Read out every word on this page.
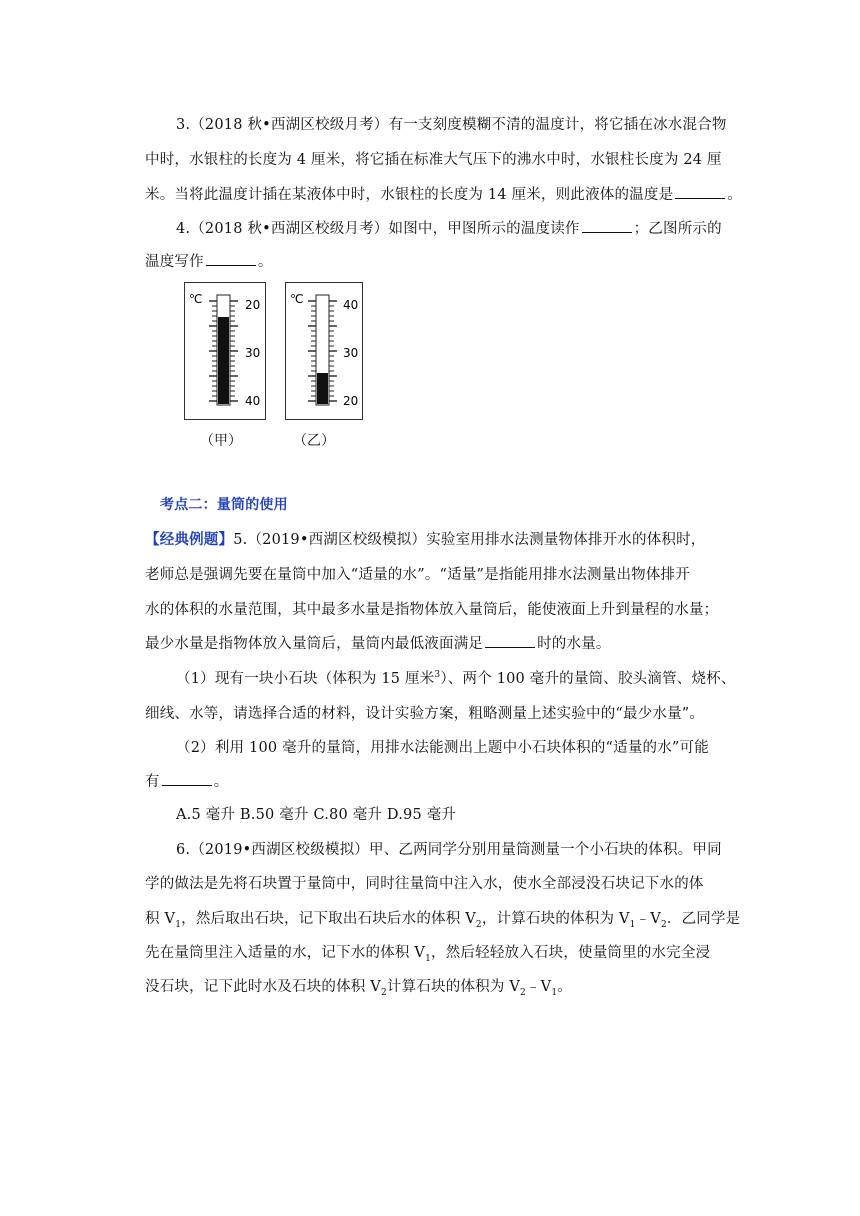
3.（2018 秋•西湖区校级月考）有一支刻度模糊不清的温度计，将它插在冰水混合物
中时，水银柱的长度为 4 厘米，将它插在标准大气压下的沸水中时，水银柱长度为 24 厘
米。当将此温度计插在某液体中时，水银柱的长度为 14 厘米，则此液体的温度是	。
4.（2018 秋•西湖区校级月考）如图中，甲图所示的温度读作	；乙图所示的
温度写作	。
℃	20
30
40
℃	40
30
20
（甲）	（乙）
考点二：量筒的使用
【经典例题】5.（2019•西湖区校级模拟）实验室用排水法测量物体排开水的体积时，
老师总是强调先要在量筒中加入“适量的水”。“适量”是指能用排水法测量出物体排开
水的体积的水量范围，其中最多水量是指物体放入量筒后，能使液面上升到量程的水量；
最少水量是指物体放入量筒后，量筒内最低液面满足	时的水量。
（1）现有一块小石块（体积为 15 厘米$^3$）、两个 100 毫升的量筒、胶头滴管、烧杯、
细线、水等，请选择合适的材料，设计实验方案，粗略测量上述实验中的“最少水量”。
（2）利用 100 毫升的量筒，用排水法能测出上题中小石块体积的“适量的水”可能
有	。
A.5 毫升 B.50 毫升 C.80 毫升 D.95 毫升
6.（2019•西湖区校级模拟）甲、乙两同学分别用量筒测量一个小石块的体积。甲同
学的做法是先将石块置于量筒中，同时往量筒中注入水，使水全部浸没石块记下水的体
积 $V_1$，然后取出石块，记下取出石块后水的体积 $V_2$，计算石块的体积为 $V_1﹣V_2$．乙同学是
先在量筒里注入适量的水，记下水的体积 $V_1$，然后轻轻放入石块，使量筒里的水完全浸
没石块，记下此时水及石块的体积 $V_2$计算石块的体积为 $V_2﹣V_1$。
